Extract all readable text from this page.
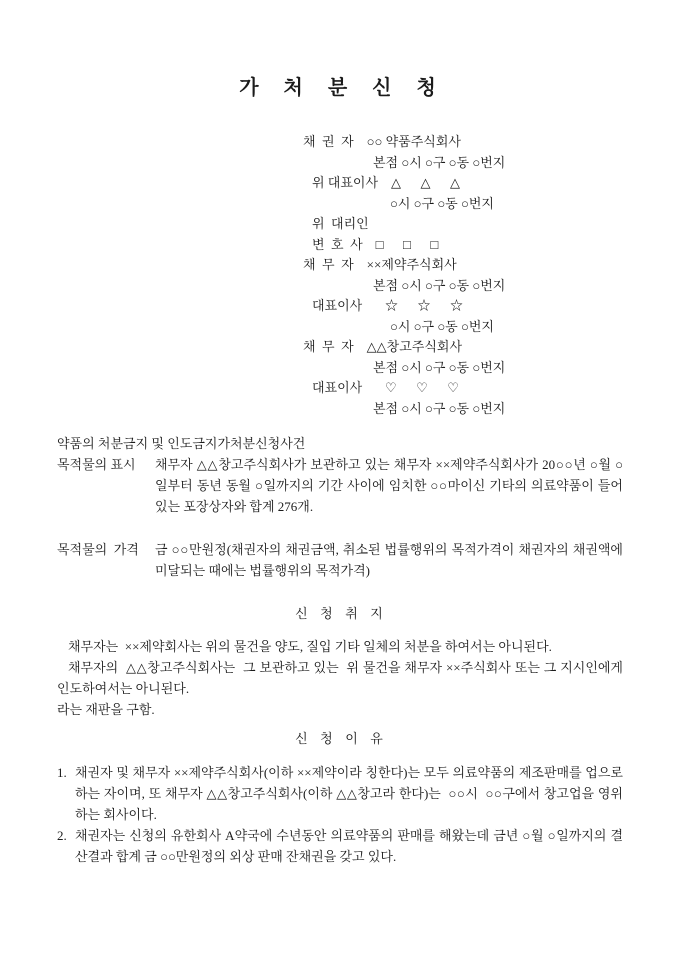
가  처  분  신  청
채  권  자    ○○ 약품주식회사
본점 ○시 ○구 ○동 ○번지
위 대표이사    △      △      △
○시 ○구 ○동 ○번지
위  대리인
변  호  사    □      □      □
채  무  자    ××제약주식회사
본점 ○시 ○구 ○동 ○번지
대표이사       ☆      ☆      ☆
○시 ○구 ○동 ○번지
채  무  자    △△창고주식회사
본점 ○시 ○구 ○동 ○번지
대표이사       ♡      ♡      ♡
본점 ○시 ○구 ○동 ○번지
약품의 처분금지 및 인도금지가처분신청사건
목적물의 표시	채무자 △△창고주식회사가 보관하고 있는 채무자 ××제약주식회사가 20○○년 ○월 ○일부터 동년 동월 ○일까지의 기간 사이에 임치한 ○○마이신 기타의 의료약품이 들어 있는 포장상자와 합계 276개.
목적물의  가격	금 ○○만원정(채권자의 채권금액, 취소된 법률행위의 목적가격이 채권자의 채권액에 미달되는 때에는 법률행위의 목적가격)
신  청  취  지
채무자는  ××제약회사는 위의 물건을 양도, 질입 기타 일체의 처분을 하여서는 아니된다.
채무자의  △△창고주식회사는  그 보관하고 있는  위 물건을 채무자 ××주식회사 또는 그 지시인에게  인도하여서는 아니된다.
라는 재판을 구함.
신  청  이  유
1. 채권자 및 채무자 ××제약주식회사(이하 ××제약이라 칭한다)는 모두 의료약품의 제조판매를 업으로 하는 자이며, 또 채무자 △△창고주식회사(이하 △△창고라 한다)는  ○○시  ○○구에서 창고업을 영위하는 회사이다.
2. 채권자는 신청의 유한회사 A약국에 수년동안 의료약품의 판매를 해왔는데 금년 ○월 ○일까지의 결산결과 합계 금 ○○만원정의 외상 판매 잔채권을 갖고 있다.
